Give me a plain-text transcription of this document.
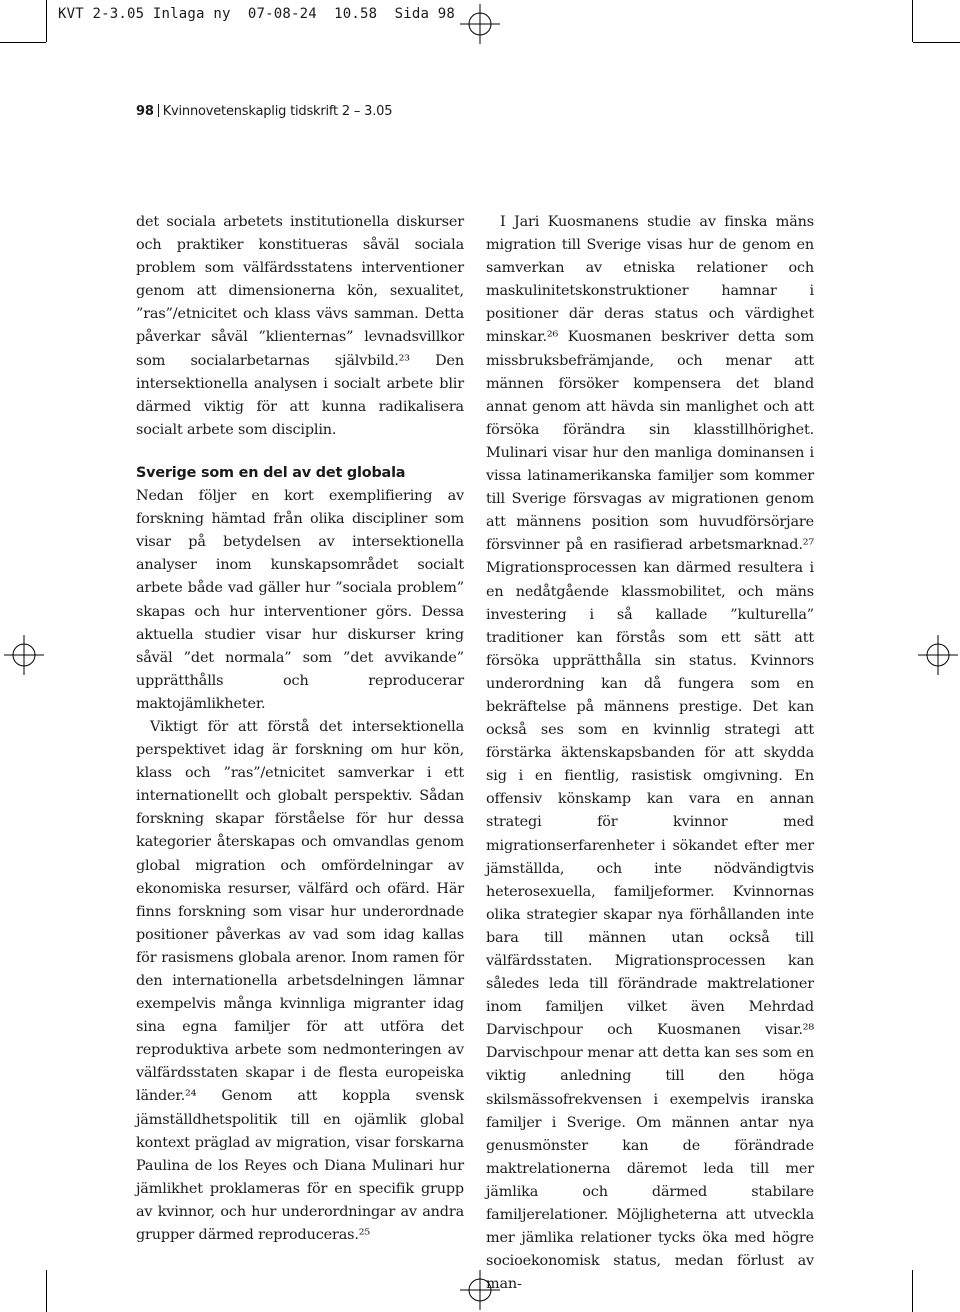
KVT 2-3.05 Inlaga ny 07-08-24 10.58 Sida 98
98 Kvinnovetenskaplig tidskrift 2 – 3.05

det sociala arbetets institutionella diskurser och praktiker konstitueras såväl sociala problem som välfärdsstatens interventioner genom att dimensionerna kön, sexualitet, ”ras”/etnicitet och klass vävs samman. Detta påverkar såväl ”klienternas” levnadsvillkor som socialarbetarnas självbild.²³ Den intersektionella analysen i socialt arbete blir därmed viktig för att kunna radikalisera socialt arbete som disciplin.

Sverige som en del av det globala

Nedan följer en kort exemplifiering av forskning hämtad från olika discipliner som visar på betydelsen av intersektionella analyser inom kunskapsområdet socialt arbete både vad gäller hur ”sociala problem” skapas och hur interventioner görs. Dessa aktuella studier visar hur diskurser kring såväl ”det normala” som ”det avvikande” upprätthålls och reproducerar maktojämlikheter.

Viktigt för att förstå det intersektionella perspektivet idag är forskning om hur kön, klass och ”ras”/etnicitet samverkar i ett internationellt och globalt perspektiv. Sådan forskning skapar förståelse för hur dessa kategorier återskapas och omvandlas genom global migration och omfördelningar av ekonomiska resurser, välfärd och ofärd. Här finns forskning som visar hur underordnade positioner påverkas av vad som idag kallas för rasismens globala arenor. Inom ramen för den internationella arbetsdelningen lämnar exempelvis många kvinnliga migranter idag sina egna familjer för att utföra det reproduktiva arbete som nedmonteringen av välfärdsstaten skapar i de flesta europeiska länder.²⁴ Genom att koppla svensk jämställdhetspolitik till en ojämlik global kontext präglad av migration, visar forskarna Paulina de los Reyes och Diana Mulinari hur jämlikhet proklameras för en specifik grupp av kvinnor, och hur underordningar av andra grupper därmed reproduceras.²⁵

I Jari Kuosmanens studie av finska mäns migration till Sverige visas hur de genom en samverkan av etniska relationer och maskulinitetskonstruktioner hamnar i positioner där deras status och värdighet minskar.²⁶ Kuosmanen beskriver detta som missbruksbefrämjande, och menar att männen försöker kompensera det bland annat genom att hävda sin manlighet och att försöka förändra sin klasstillhörighet. Mulinari visar hur den manliga dominansen i vissa latinamerikanska familjer som kommer till Sverige försvagas av migrationen genom att männens position som huvudförsörjare försvinner på en rasifierad arbetsmarknad.²⁷ Migrationsprocessen kan därmed resultera i en nedåtgående klassmobilitet, och mäns investering i så kallade ”kulturella” traditioner kan förstås som ett sätt att försöka upprätthålla sin status. Kvinnors underordning kan då fungera som en bekräftelse på männens prestige. Det kan också ses som en kvinnlig strategi att förstärka äktenskapsbanden för att skydda sig i en fientlig, rasistisk omgivning. En offensiv könskamp kan vara en annan strategi för kvinnor med migrationserfarenheter i sökandet efter mer jämställda, och inte nödvändigtvis heterosexuella, familjeformer. Kvinnornas olika strategier skapar nya förhållanden inte bara till männen utan också till välfärdsstaten. Migrationsprocessen kan således leda till förändrade maktrelationer inom familjen vilket även Mehrdad Darvischpour och Kuosmanen visar.²⁸ Darvischpour menar att detta kan ses som en viktig anledning till den höga skilsmässofrekvensen i exempelvis iranska familjer i Sverige. Om männen antar nya genusmönster kan de förändrade maktrelationerna däremot leda till mer jämlika och därmed stabilare familjerelationer. Möjligheterna att utveckla mer jämlika relationer tycks öka med högre socioekonomisk status, medan förlust av man-
